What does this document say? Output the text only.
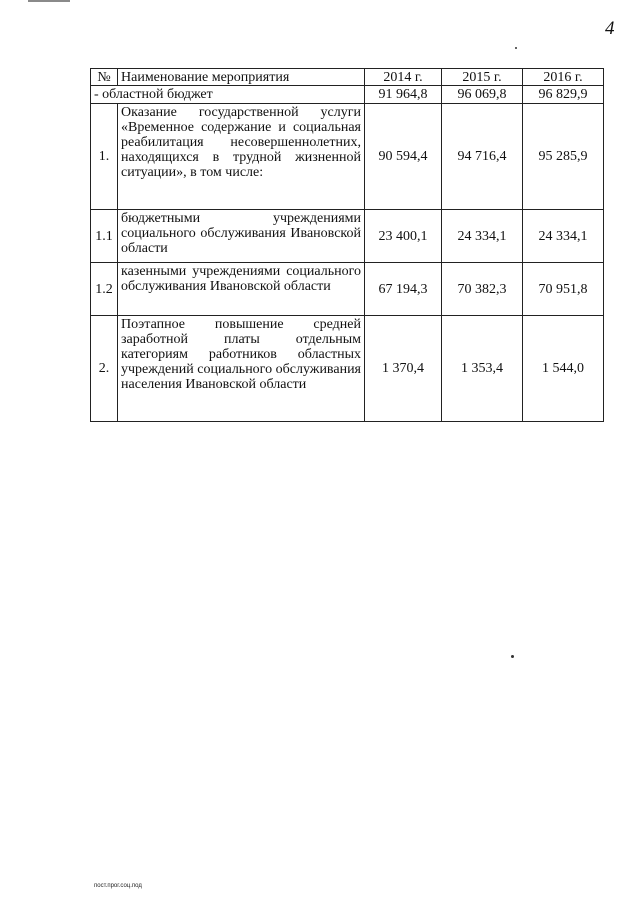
4
№	Наименование мероприятия	2014 г.	2015 г.	2016 г.
- областной бюджет		91 964,8	96 069,8	96 829,9
1.	Оказание государственной услуги «Временное содержание и социальная реабилитация несовершеннолетних, находящихся в трудной жизненной ситуации», в том числе:	90 594,4	94 716,4	95 285,9
1.1	бюджетными учреждениями социального обслуживания Ивановской области	23 400,1	24 334,1	24 334,1
1.2	казенными учреждениями социального обслуживания Ивановской области	67 194,3	70 382,3	70 951,8
2.	Поэтапное повышение средней заработной платы отдельным категориям работников областных учреждений социального обслуживания населения Ивановской области	1 370,4	1 353,4	1 544,0
пост.прог.соц.под
